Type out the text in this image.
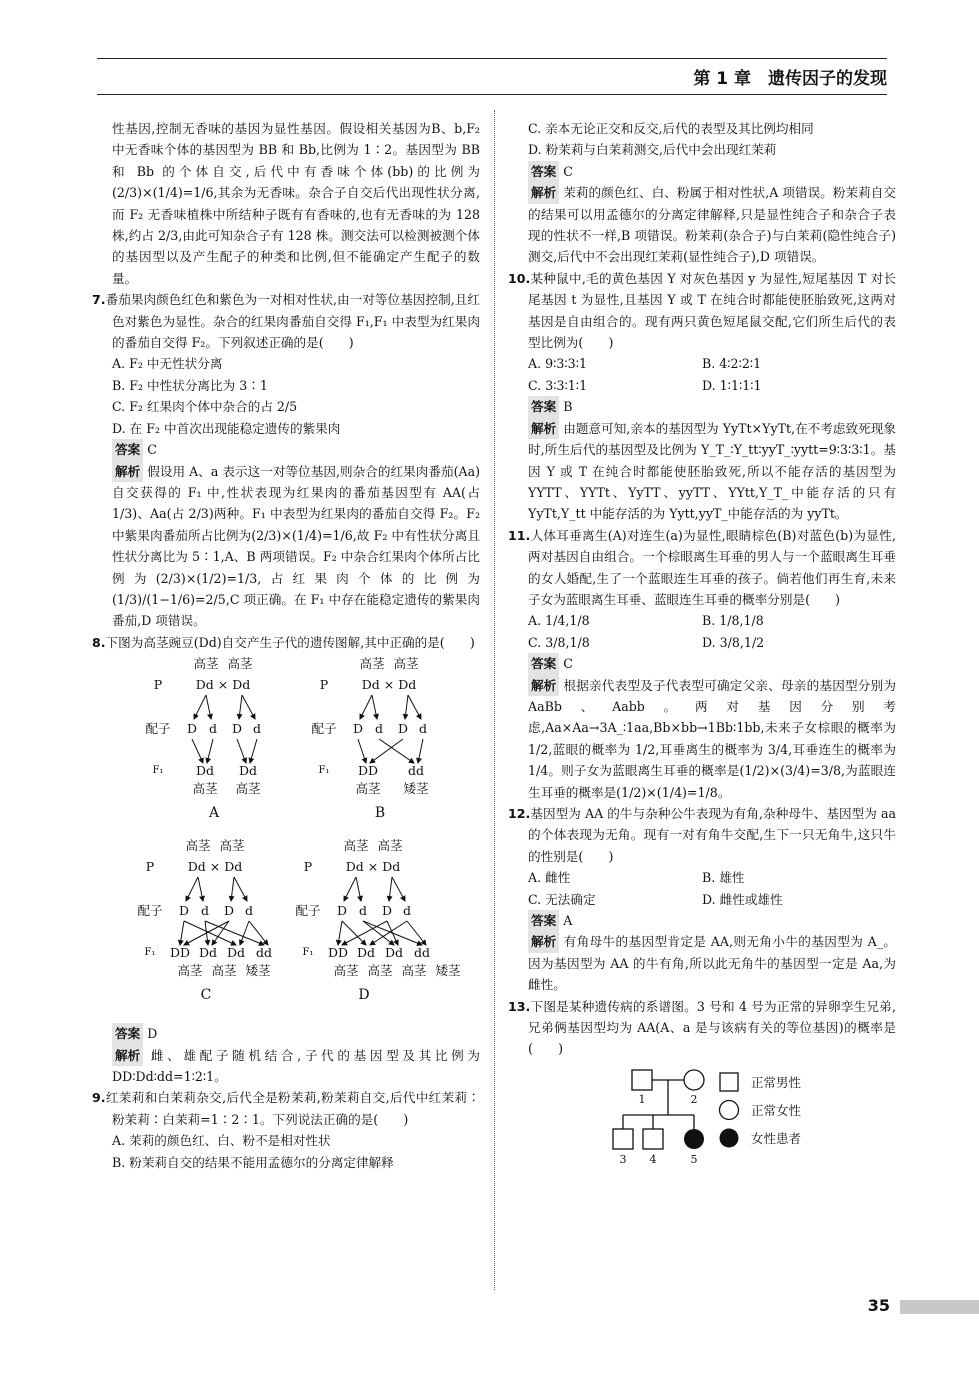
第 1 章　遗传因子的发现

性基因,控制无香味的基因为显性基因。假设相关基因为B、b,F₂ 中无香味个体的基因型为 BB 和 Bb,比例为 1∶2。基因型为 BB 和 Bb 的个体自交,后代中有香味个体(bb)的比例为(2/3)×(1/4)=1/6,其余为无香味。杂合子自交后代出现性状分离,而 F₂ 无香味植株中所结种子既有有香味的,也有无香味的为 128 株,约占 2/3,由此可知杂合子有 128 株。测交法可以检测被测个体的基因型以及产生配子的种类和比例,但不能确定产生配子的数量。

7.番茄果肉颜色红色和紫色为一对相对性状,由一对等位基因控制,且红色对紫色为显性。杂合的红果肉番茄自交得 F₁,F₁ 中表型为红果肉的番茄自交得 F₂。下列叙述正确的是(　　)

A. F₂ 中无性状分离

B. F₂ 中性状分离比为 3∶1

C. F₂ 红果肉个体中杂合的占 2/5

D. 在 F₂ 中首次出现能稳定遗传的紫果肉

答案 C

解析 假设用 A、a 表示这一对等位基因,则杂合的红果肉番茄(Aa)自交获得的 F₁ 中,性状表现为红果肉的番茄基因型有 AA(占 1/3)、Aa(占 2/3)两种。F₁ 中表型为红果肉的番茄自交得 F₂。F₂ 中紫果肉番茄所占比例为(2/3)×(1/4)=1/6,故 F₂ 中有性状分离且性状分离比为 5∶1,A、B 两项错误。F₂ 中杂合红果肉个体所占比例为(2/3)×(1/2)=1/3,占红果肉个体的比例为(1/3)/(1−1/6)=2/5,C 项正确。在 F₁ 中存在能稳定遗传的紫果肉番茄,D 项错误。

8.下图为高茎豌豆(Dd)自交产生子代的遗传图解,其中正确的是(　　)

高茎 高茎
P	Dd × Dd
配子 D d D d
F₁	Dd Dd
高茎 高茎
A
高茎 高茎
P	Dd × Dd
配子 D d D d
F₁ DD dd
高茎 矮茎
B
高茎 高茎
P	Dd × Dd
配子 D d D d
F₁ DD Dd Dd dd
高茎 高茎 矮茎
C
高茎 高茎
P	Dd × Dd
配子 D d D d
F₁ DD Dd Dd dd
高茎 高茎 高茎 矮茎
D

答案 D

解析 雌、雄配子随机结合,子代的基因型及其比例为 DD∶Dd∶dd=1∶2∶1。

9.红茉莉和白茉莉杂交,后代全是粉茉莉,粉茉莉自交,后代中红茉莉∶粉茉莉∶白茉莉=1∶2∶1。下列说法正确的是(　　)

A. 茉莉的颜色红、白、粉不是相对性状

B. 粉茉莉自交的结果不能用孟德尔的分离定律解释

C. 亲本无论正交和反交,后代的表型及其比例均相同

D. 粉茉莉与白茉莉测交,后代中会出现红茉莉

答案 C

解析 茉莉的颜色红、白、粉属于相对性状,A 项错误。粉茉莉自交的结果可以用孟德尔的分离定律解释,只是显性纯合子和杂合子表现的性状不一样,B 项错误。粉茉莉(杂合子)与白茉莉(隐性纯合子)测交,后代中不会出现红茉莉(显性纯合子),D 项错误。

10.某种鼠中,毛的黄色基因 Y 对灰色基因 y 为显性,短尾基因 T 对长尾基因 t 为显性,且基因 Y 或 T 在纯合时都能使胚胎致死,这两对基因是自由组合的。现有两只黄色短尾鼠交配,它们所生后代的表型比例为(　　)

A. 9∶3∶3∶1	B. 4∶2∶2∶1
C. 3∶3∶1∶1	D. 1∶1∶1∶1

答案 B

解析 由题意可知,亲本的基因型为 YyTt×YyTt,在不考虑致死现象时,所生后代的基因型及比例为 Y_T_∶Y_tt∶yyT_∶yytt=9∶3∶3∶1。基因 Y 或 T 在纯合时都能使胚胎致死,所以不能存活的基因型为 YYTT、YYTt、YyTT、yyTT、YYtt,Y_T_中能存活的只有 YyTt,Y_tt 中能存活的为 Yytt,yyT_中能存活的为 yyTt。

11.人体耳垂离生(A)对连生(a)为显性,眼睛棕色(B)对蓝色(b)为显性,两对基因自由组合。一个棕眼离生耳垂的男人与一个蓝眼离生耳垂的女人婚配,生了一个蓝眼连生耳垂的孩子。倘若他们再生育,未来子女为蓝眼离生耳垂、蓝眼连生耳垂的概率分别是(　　)

A. 1/4,1/8	B. 1/8,1/8
C. 3/8,1/8	D. 3/8,1/2

答案 C

解析 根据亲代表型及子代表型可确定父亲、母亲的基因型分别为 AaBb、Aabb。两对基因分别考虑,Aa×Aa→3A_∶1aa,Bb×bb→1Bb∶1bb,未来子女棕眼的概率为 1/2,蓝眼的概率为 1/2,耳垂离生的概率为 3/4,耳垂连生的概率为 1/4。则子女为蓝眼离生耳垂的概率是(1/2)×(3/4)=3/8,为蓝眼连生耳垂的概率是(1/2)×(1/4)=1/8。

12.基因型为 AA 的牛与杂种公牛表现为有角,杂种母牛、基因型为 aa 的个体表现为无角。现有一对有角牛交配,生下一只无角牛,这只牛的性别是(　　)

A. 雌性	B. 雄性
C. 无法确定	D. 雌性或雄性

答案 A

解析 有角母牛的基因型肯定是 AA,则无角小牛的基因型为 A_。因为基因型为 AA 的牛有角,所以此无角牛的基因型一定是 Aa,为雌性。

13.下图是某种遗传病的系谱图。3 号和 4 号为正常的异卵孪生兄弟,兄弟俩基因型均为 AA(A、a 是与该病有关的等位基因)的概率是(　　)

1	2
3 4	5
正常男性
正常女性
女性患者
35
